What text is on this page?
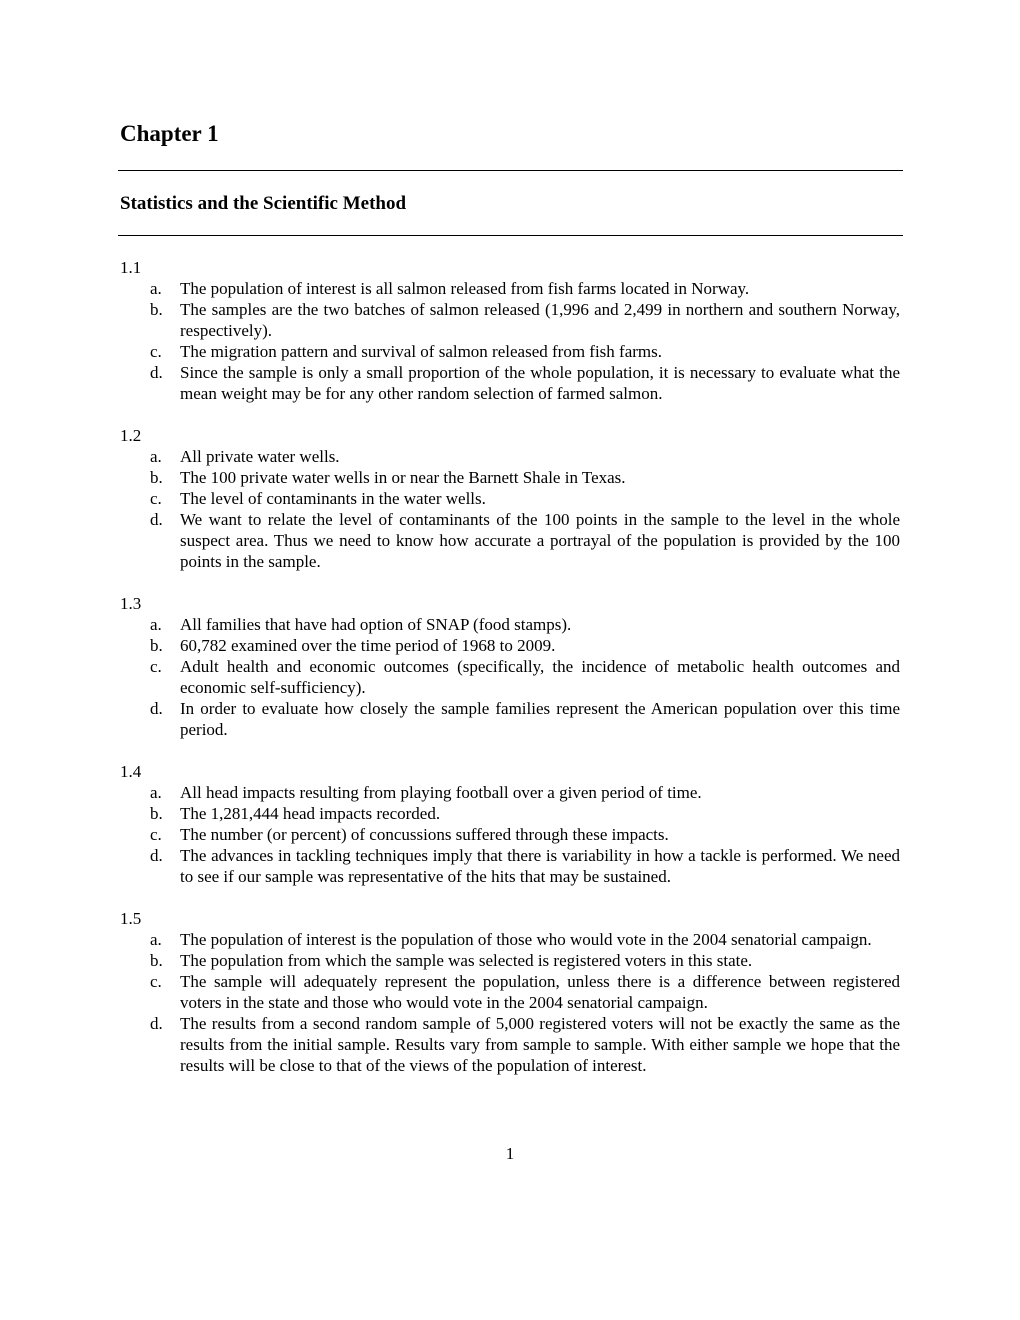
Chapter 1
Statistics and the Scientific Method
1.1
a.	The population of interest is all salmon released from fish farms located in Norway.
b.	The samples are the two batches of salmon released (1,996 and 2,499 in northern and southern Norway, respectively).
c.	The migration pattern and survival of salmon released from fish farms.
d.	Since the sample is only a small proportion of the whole population, it is necessary to evaluate what the mean weight may be for any other random selection of farmed salmon.
1.2
a.	All private water wells.
b.	The 100 private water wells in or near the Barnett Shale in Texas.
c.	The level of contaminants in the water wells.
d.	We want to relate the level of contaminants of the 100 points in the sample to the level in the whole suspect area. Thus we need to know how accurate a portrayal of the population is provided by the 100 points in the sample.
1.3
a.	All families that have had option of SNAP (food stamps).
b.	60,782 examined over the time period of 1968 to 2009.
c.	Adult health and economic outcomes (specifically, the incidence of metabolic health outcomes and economic self-sufficiency).
d.	In order to evaluate how closely the sample families represent the American population over this time period.
1.4
a.	All head impacts resulting from playing football over a given period of time.
b.	The 1,281,444 head impacts recorded.
c.	The number (or percent) of concussions suffered through these impacts.
d.	The advances in tackling techniques imply that there is variability in how a tackle is performed. We need to see if our sample was representative of the hits that may be sustained.
1.5
a.	The population of interest is the population of those who would vote in the 2004 senatorial campaign.
b.	The population from which the sample was selected is registered voters in this state.
c.	The sample will adequately represent the population, unless there is a difference between registered voters in the state and those who would vote in the 2004 senatorial campaign.
d.	The results from a second random sample of 5,000 registered voters will not be exactly the same as the results from the initial sample. Results vary from sample to sample. With either sample we hope that the results will be close to that of the views of the population of interest.
1
